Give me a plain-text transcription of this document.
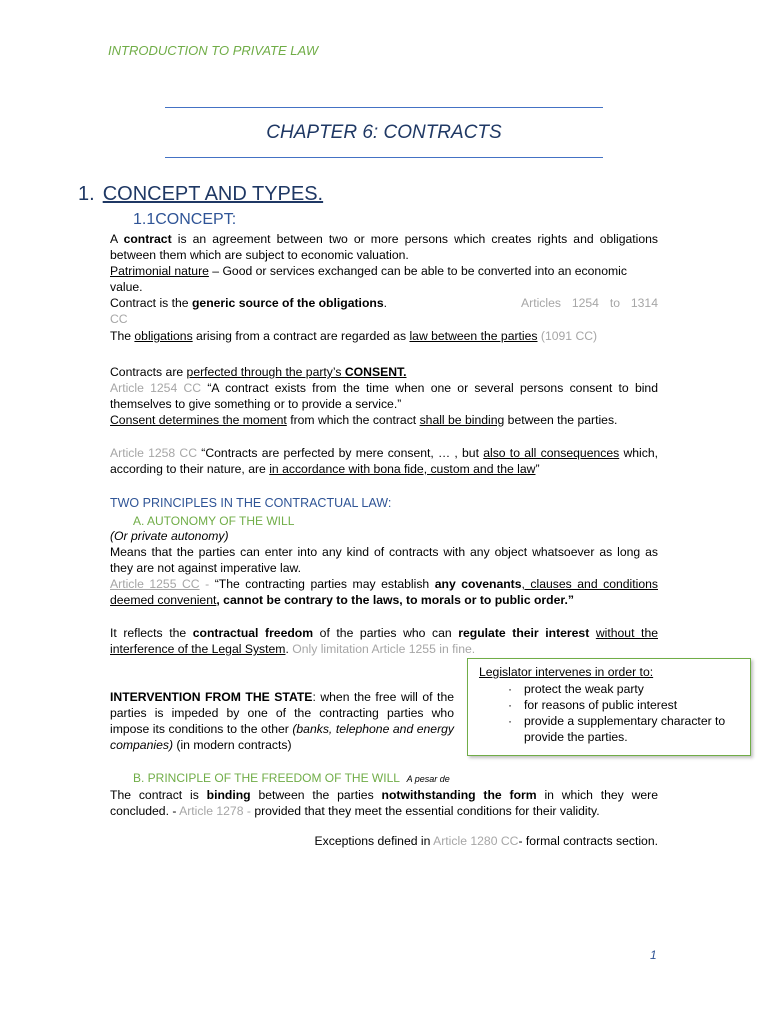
INTRODUCTION TO PRIVATE LAW
CHAPTER 6: CONTRACTS
1. CONCEPT AND TYPES.
1.1CONCEPT:
A contract is an agreement between two or more persons which creates rights and obligations between them which are subject to economic valuation.
Patrimonial nature – Good or services exchanged can be able to be converted into an economic value.
Contract is the generic source of the obligations.	Articles 1254 to 1314
CC
The obligations arising from a contract are regarded as law between the parties (1091 CC)
Contracts are perfected through the party’s CONSENT.
Article 1254 CC “A contract exists from the time when one or several persons consent to bind themselves to give something or to provide a service.”
Consent determines the moment from which the contract shall be binding between the parties.
Article 1258 CC “Contracts are perfected by mere consent, … , but also to all consequences which, according to their nature, are in accordance with bona fide, custom and the law”
TWO PRINCIPLES IN THE CONTRACTUAL LAW:
A. AUTONOMY OF THE WILL
(Or private autonomy)
Means that the parties can enter into any kind of contracts with any object whatsoever as long as they are not against imperative law.
Article 1255 CC - “The contracting parties may establish any covenants, clauses and conditions deemed convenient, cannot be contrary to the laws, to morals or to public order.”
It reflects the contractual freedom of the parties who can regulate their interest without the interference of the Legal System. Only limitation Article 1255 in fine.
Legislator intervenes in order to:
· protect the weak party
· for reasons of public interest
· provide a supplementary character to provide the parties.
INTERVENTION FROM THE STATE: when the free will of the parties is impeded by one of the contracting parties who impose its conditions to the other (banks, telephone and energy companies) (in modern contracts)
B. PRINCIPLE OF THE FREEDOM OF THE WILL A pesar de
The contract is binding between the parties notwithstanding the form in which they were concluded. - Article 1278 - provided that they meet the essential conditions for their validity.
Exceptions defined in Article 1280 CC- formal contracts section.
1
